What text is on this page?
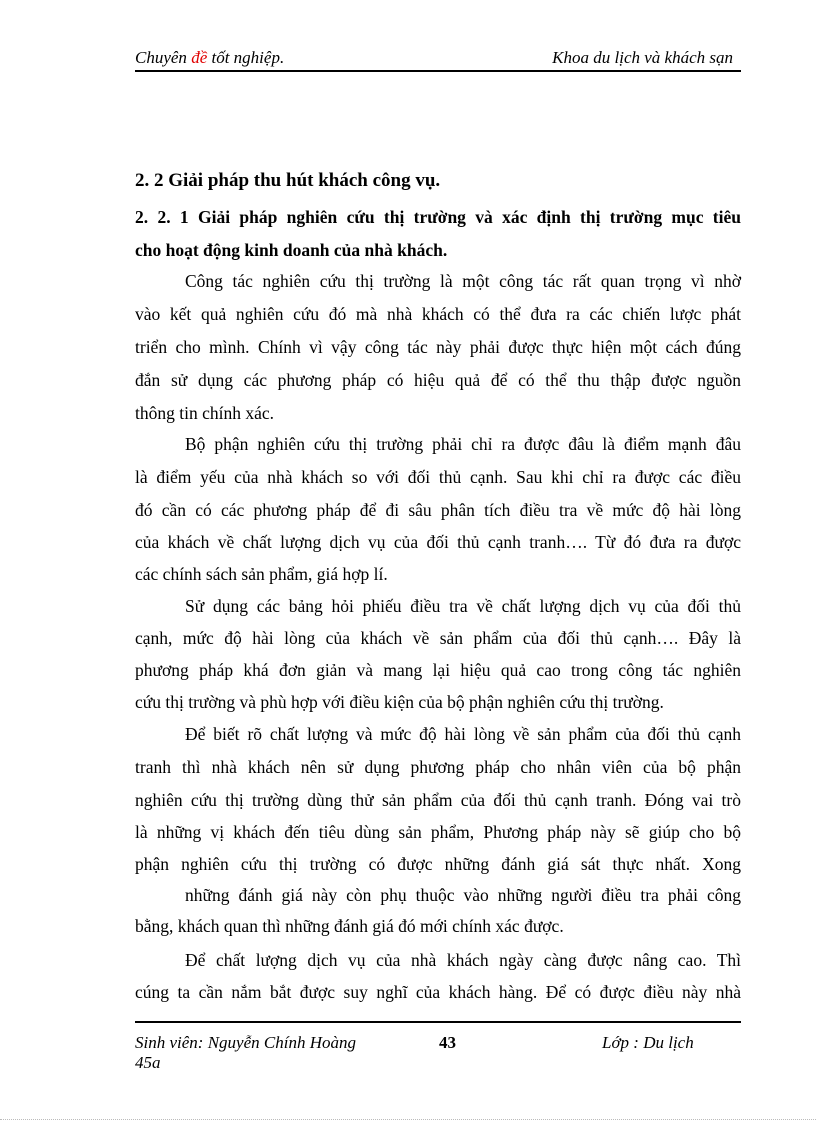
Chuyên đề tốt nghiệp.	Khoa du lịch và khách sạn
2. 2 Giải pháp thu hút khách công vụ.
2. 2. 1 Giải pháp nghiên cứu thị trường và xác định thị trường mục tiêu
cho hoạt động kinh doanh của nhà khách.
Công tác nghiên cứu thị trường là một công tác rất quan trọng vì nhờ
vào kết quả nghiên cứu đó mà nhà khách có thể đưa ra các chiến lược phát
triển cho mình. Chính vì vậy công tác này phải được thực hiện một cách đúng
đắn sử dụng các phương pháp có hiệu quả để có thể thu thập được nguồn
thông tin chính xác.
Bộ phận nghiên cứu thị trường phải chỉ ra được đâu là điểm mạnh đâu
là điểm yếu của nhà khách so với đối thủ cạnh. Sau khi chỉ ra được các điều
đó cần có các phương pháp để đi sâu phân tích điều tra về mức độ hài lòng
của khách về chất lượng dịch vụ của đối thủ cạnh tranh…. Từ đó đưa ra được
các chính sách sản phẩm, giá hợp lí.
Sử dụng các bảng hỏi phiếu điều tra về chất lượng dịch vụ của đối thủ
cạnh, mức độ hài lòng của khách về sản phẩm của đối thủ cạnh…. Đây là
phương pháp khá đơn giản và mang lại hiệu quả cao trong công tác nghiên
cứu thị trường và phù hợp với điều kiện của bộ phận nghiên cứu thị trường.
Để biết rõ chất lượng và mức độ hài lòng về sản phẩm của đối thủ cạnh
tranh thì nhà khách nên sử dụng phương pháp cho nhân viên của bộ phận
nghiên cứu thị trường dùng thử sản phẩm của đối thủ cạnh tranh. Đóng vai trò
là những vị khách đến tiêu dùng sản phẩm, Phương pháp này sẽ giúp cho bộ
phận nghiên cứu thị trường có được những đánh giá sát thực nhất. Xong
những đánh giá này còn phụ thuộc vào những người điều tra phải công
bằng, khách quan thì những đánh giá đó mới chính xác được.
Để chất lượng dịch vụ của nhà khách ngày càng được nâng cao. Thì
cúng ta cần nắm bắt được suy nghĩ của khách hàng. Để có được điều này nhà
Sinh viên: Nguyễn Chính Hoàng
45a
43	Lớp : Du lịch
